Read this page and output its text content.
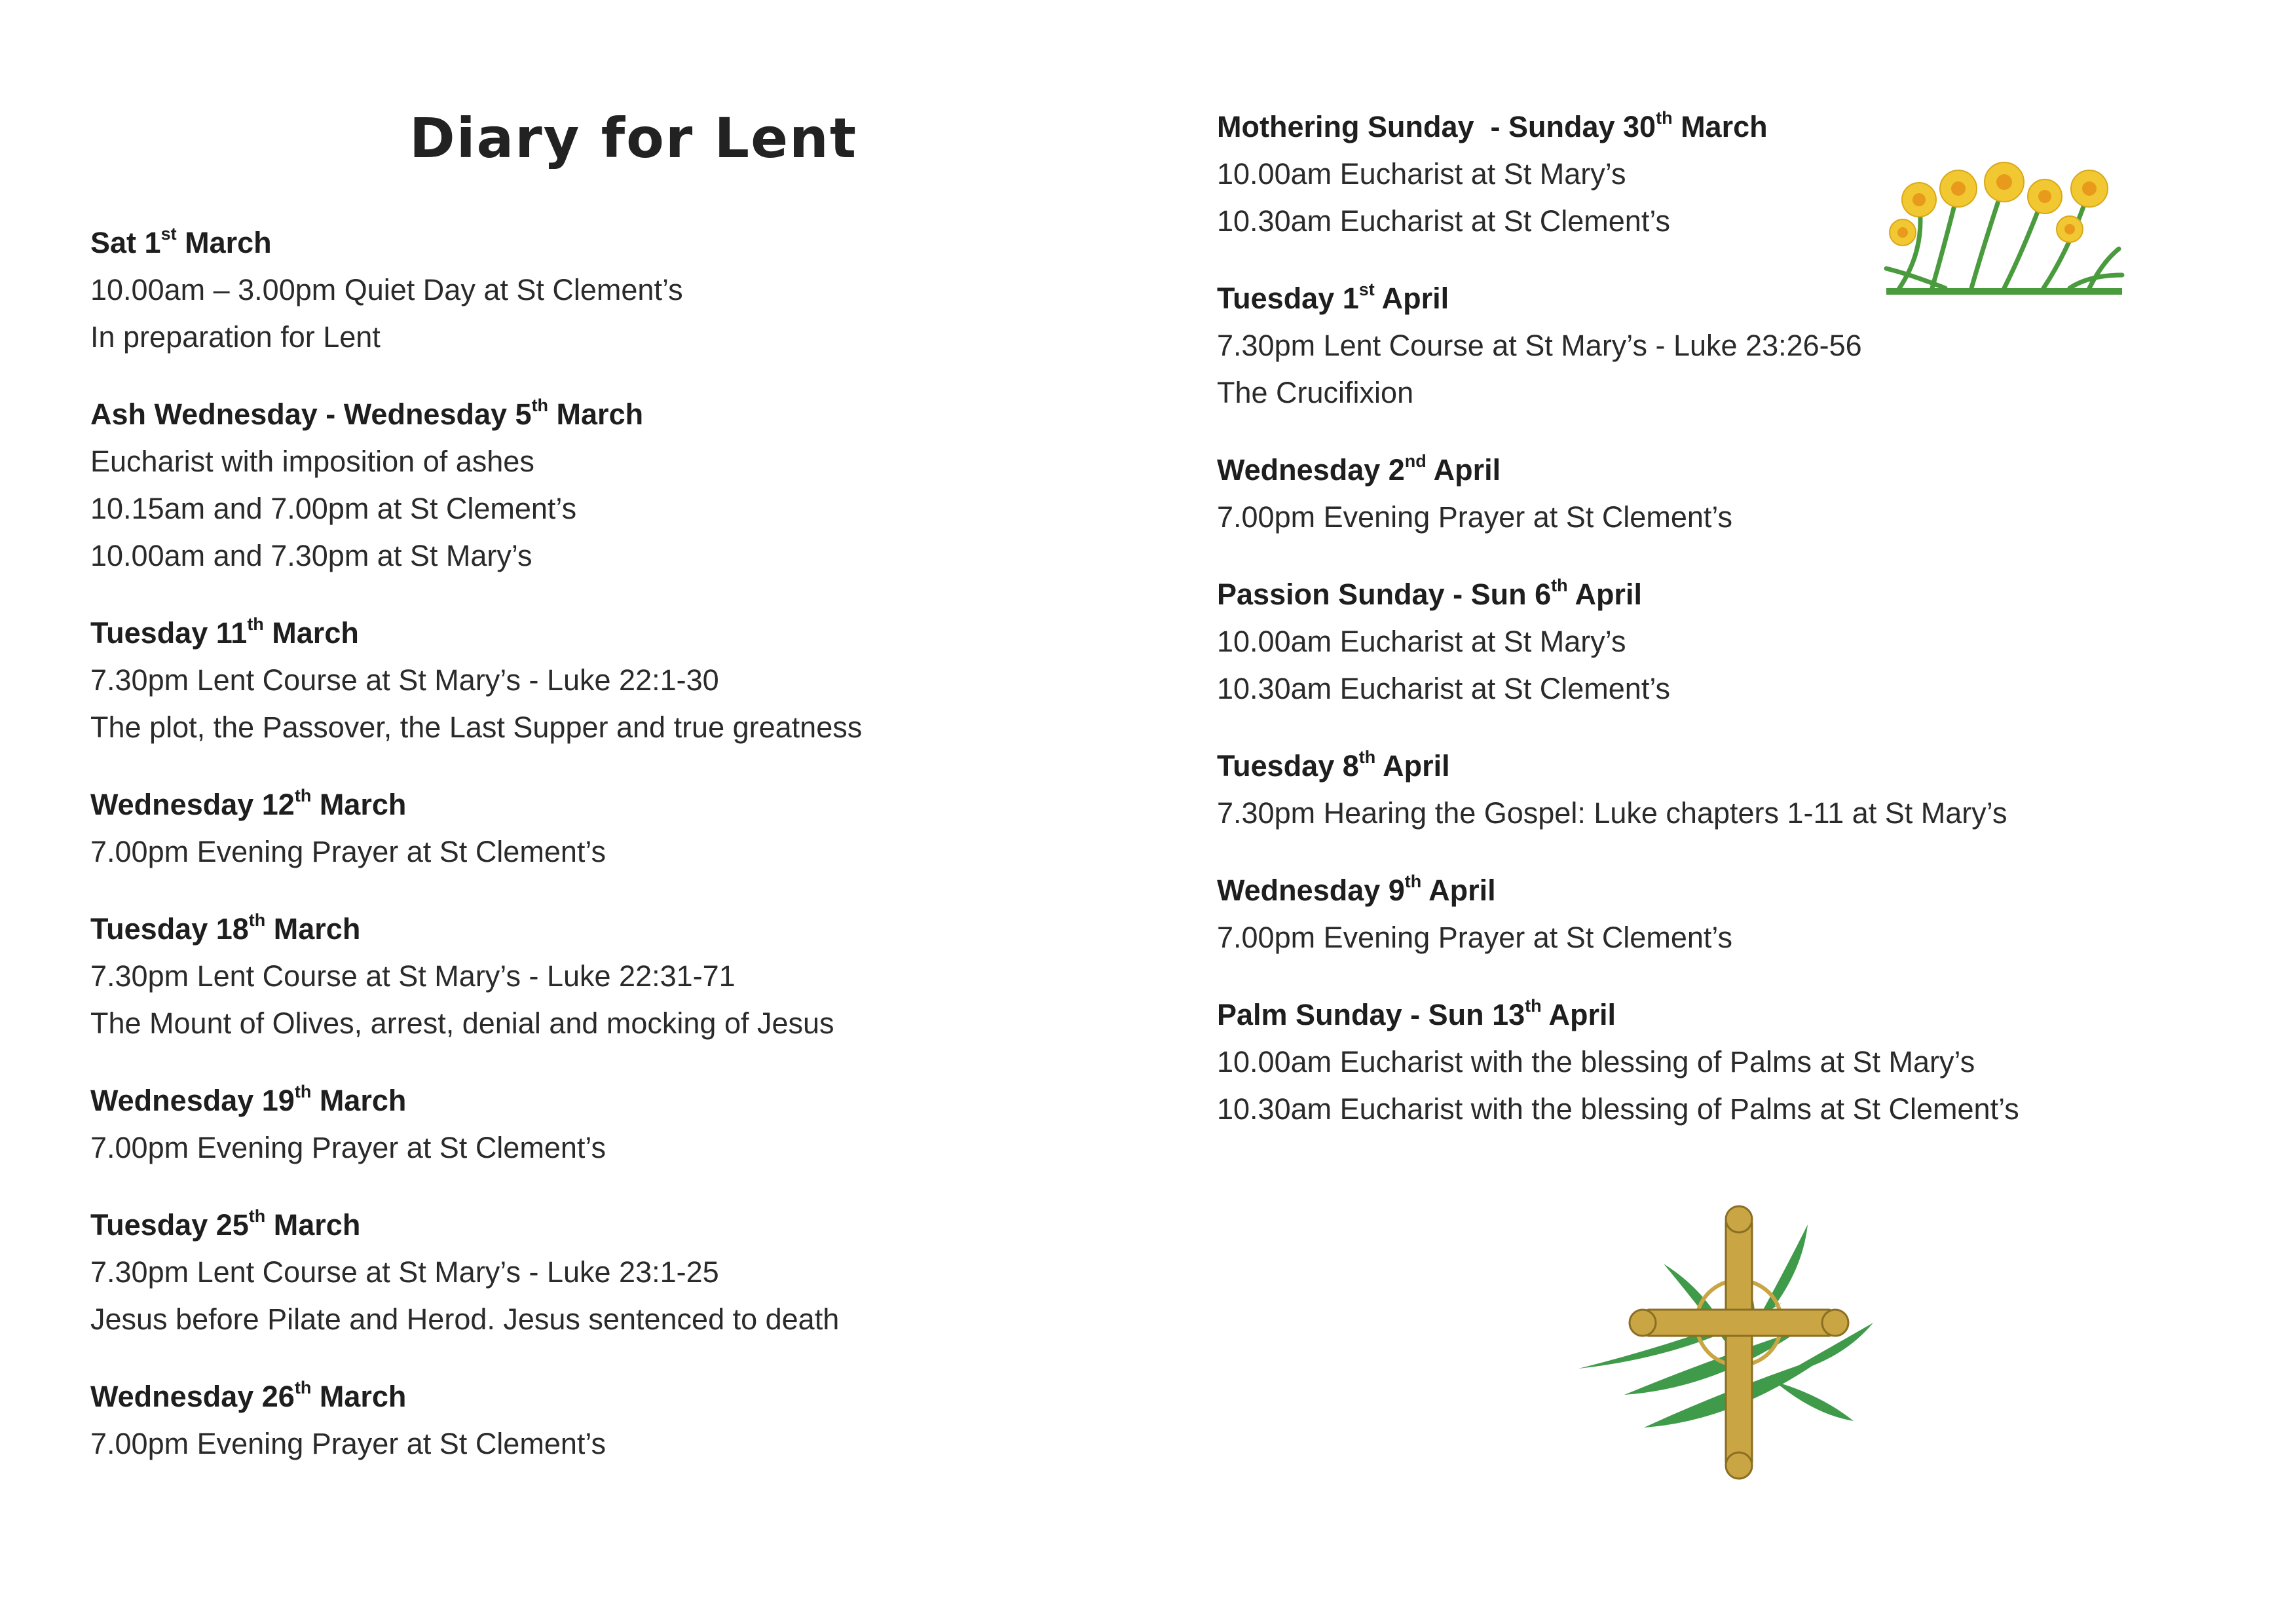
Diary for Lent
Sat 1st March
10.00am – 3.00pm Quiet Day at St Clement’s
In preparation for Lent
Ash Wednesday - Wednesday 5th March
Eucharist with imposition of ashes
10.15am and 7.00pm at St Clement’s
10.00am and 7.30pm at St Mary’s
Tuesday 11th March
7.30pm Lent Course at St Mary’s - Luke 22:1-30
The plot, the Passover, the Last Supper and true greatness
Wednesday 12th March
7.00pm Evening Prayer at St Clement’s
Tuesday 18th March
7.30pm Lent Course at St Mary’s - Luke 22:31-71
The Mount of Olives, arrest, denial and mocking of Jesus
Wednesday 19th March
7.00pm Evening Prayer at St Clement’s
Tuesday 25th March
7.30pm Lent Course at St Mary’s - Luke 23:1-25
Jesus before Pilate and Herod. Jesus sentenced to death
Wednesday 26th March
7.00pm Evening Prayer at St Clement’s
Mothering Sunday  - Sunday 30th March
10.00am Eucharist at St Mary’s
10.30am Eucharist at St Clement’s
Tuesday 1st April
7.30pm Lent Course at St Mary’s - Luke 23:26-56
The Crucifixion
Wednesday 2nd April
7.00pm Evening Prayer at St Clement’s
Passion Sunday - Sun 6th April
10.00am Eucharist at St Mary’s
10.30am Eucharist at St Clement’s
Tuesday 8th April
7.30pm Hearing the Gospel: Luke chapters 1-11 at St Mary’s
Wednesday 9th April
7.00pm Evening Prayer at St Clement’s
Palm Sunday - Sun 13th April
10.00am Eucharist with the blessing of Palms at St Mary’s
10.30am Eucharist with the blessing of Palms at St Clement’s
